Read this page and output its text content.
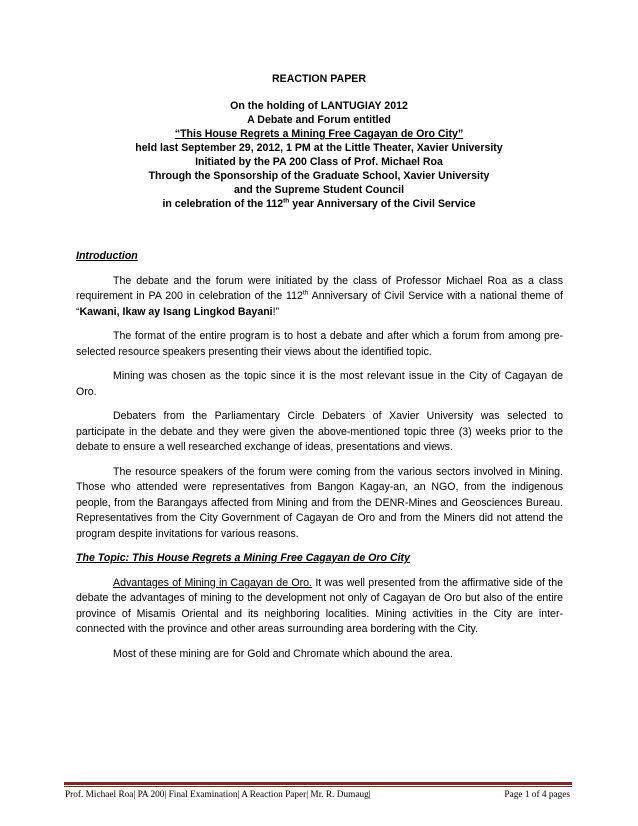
REACTION PAPER
On the holding of LANTUGIAY 2012
A Debate and Forum entitled
“This House Regrets a Mining Free Cagayan de Oro City”
held last September 29, 2012, 1 PM at the Little Theater, Xavier University
Initiated by the PA 200 Class of Prof. Michael Roa
Through the Sponsorship of the Graduate School, Xavier University
and the Supreme Student Council
in celebration of the 112th year Anniversary of the Civil Service
Introduction

The debate and the forum were initiated by the class of Professor Michael Roa as a class requirement in PA 200 in celebration of the 112th Anniversary of Civil Service with a national theme of “Kawani, Ikaw ay Isang Lingkod Bayani!”

The format of the entire program is to host a debate and after which a forum from among pre-selected resource speakers presenting their views about the identified topic.

Mining was chosen as the topic since it is the most relevant issue in the City of Cagayan de Oro.

Debaters from the Parliamentary Circle Debaters of Xavier University was selected to participate in the debate and they were given the above-mentioned topic three (3) weeks prior to the debate to ensure a well researched exchange of ideas, presentations and views.

The resource speakers of the forum were coming from the various sectors involved in Mining. Those who attended were representatives from Bangon Kagay-an, an NGO, from the indigenous people, from the Barangays affected from Mining and from the DENR-Mines and Geosciences Bureau. Representatives from the City Government of Cagayan de Oro and from the Miners did not attend the program despite invitations for various reasons.

The Topic: This House Regrets a Mining Free Cagayan de Oro City

Advantages of Mining in Cagayan de Oro. It was well presented from the affirmative side of the debate the advantages of mining to the development not only of Cagayan de Oro but also of the entire province of Misamis Oriental and its neighboring localities. Mining activities in the City are inter-connected with the province and other areas surrounding area bordering with the City.

Most of these mining are for Gold and Chromate which abound the area.

Prof. Michael Roa| PA 200| Final Examination| A Reaction Paper| Mr. R. Dumaug|	Page 1 of 4 pages
